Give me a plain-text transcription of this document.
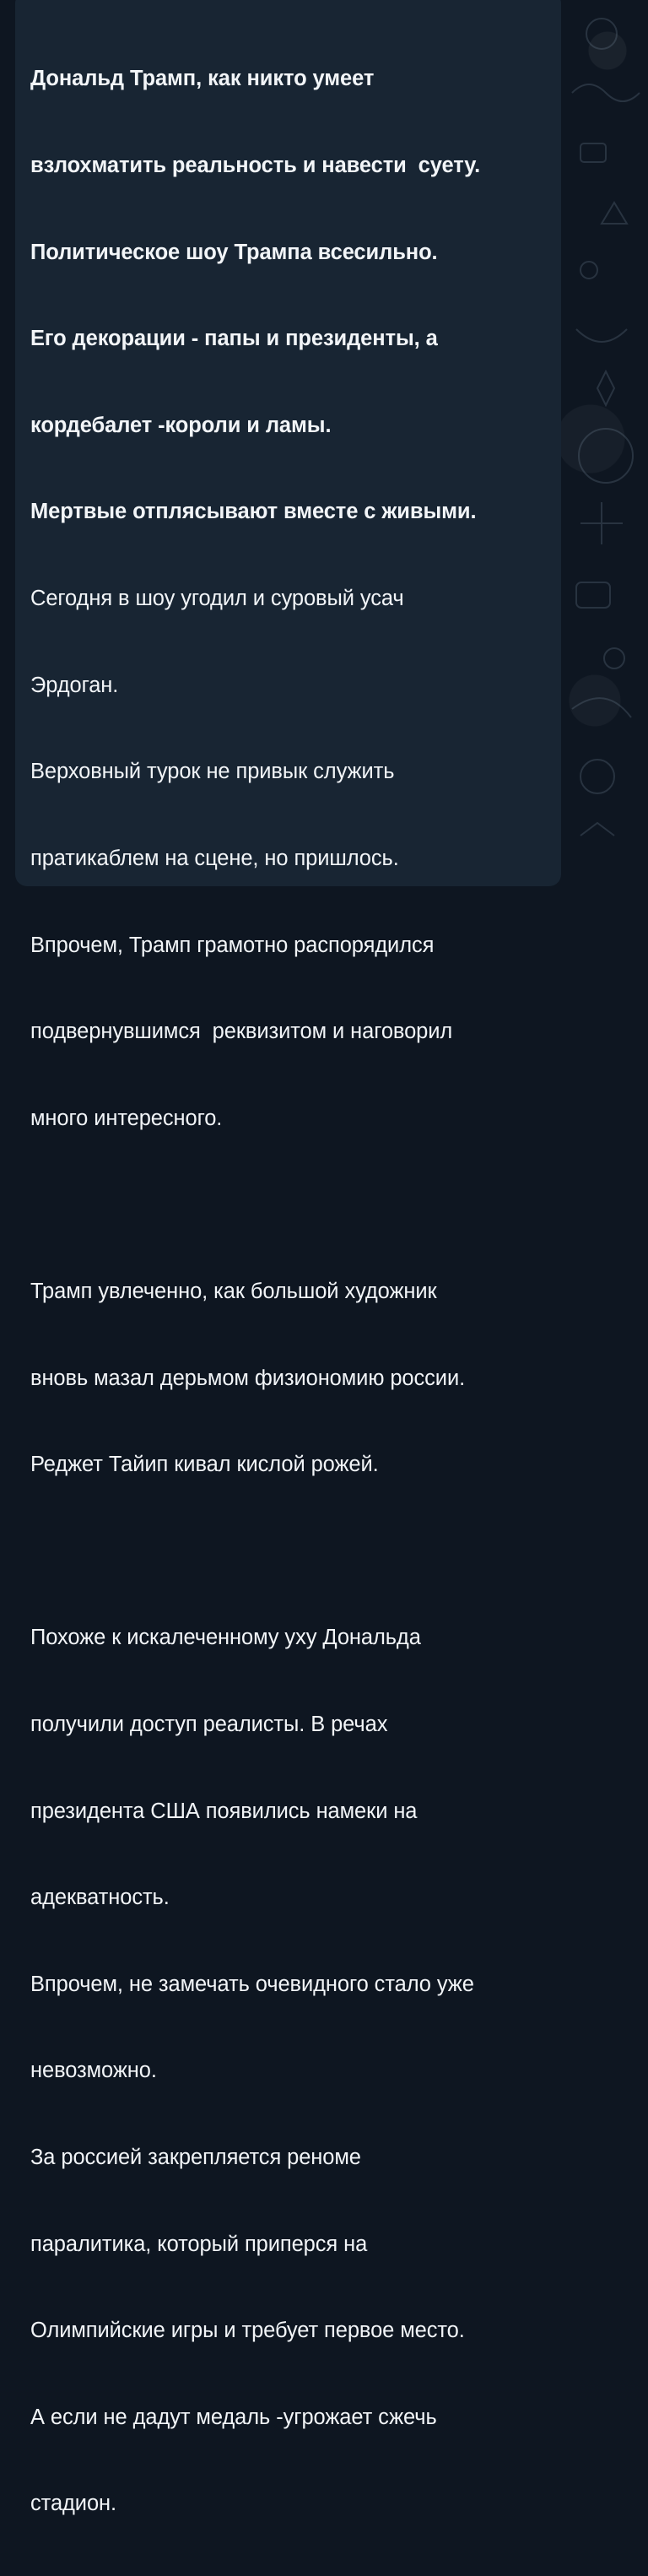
Дональд Трамп, как никто умеет

взлохматить реальность и навести  суету.

Политическое шоу Трампа всесильно.

Его декорации - папы и президенты, а

кордебалет -короли и ламы.

Мертвые отплясывают вместе с живыми.

Сегодня в шоу угодил и суровый усач

Эрдоган.

Верховный турок не привык служить

пратикаблем на сцене, но пришлось.

Впрочем, Трамп грамотно распорядился

подвернувшимся  реквизитом и наговорил

много интересного.

Трамп увлеченно, как большой художник

вновь мазал дерьмом физиономию россии.

Реджет Тайип кивал кислой рожей.

Похоже к искалеченному уху Дональда

получили доступ реалисты. В речах

президента США появились намеки на

адекватность.

Впрочем, не замечать очевидного стало уже

невозможно.

За россией закрепляется реноме

паралитика, который приперся на

Олимпийские игры и требует первое место.

А если не дадут медаль -угрожает сжечь

стадион.
